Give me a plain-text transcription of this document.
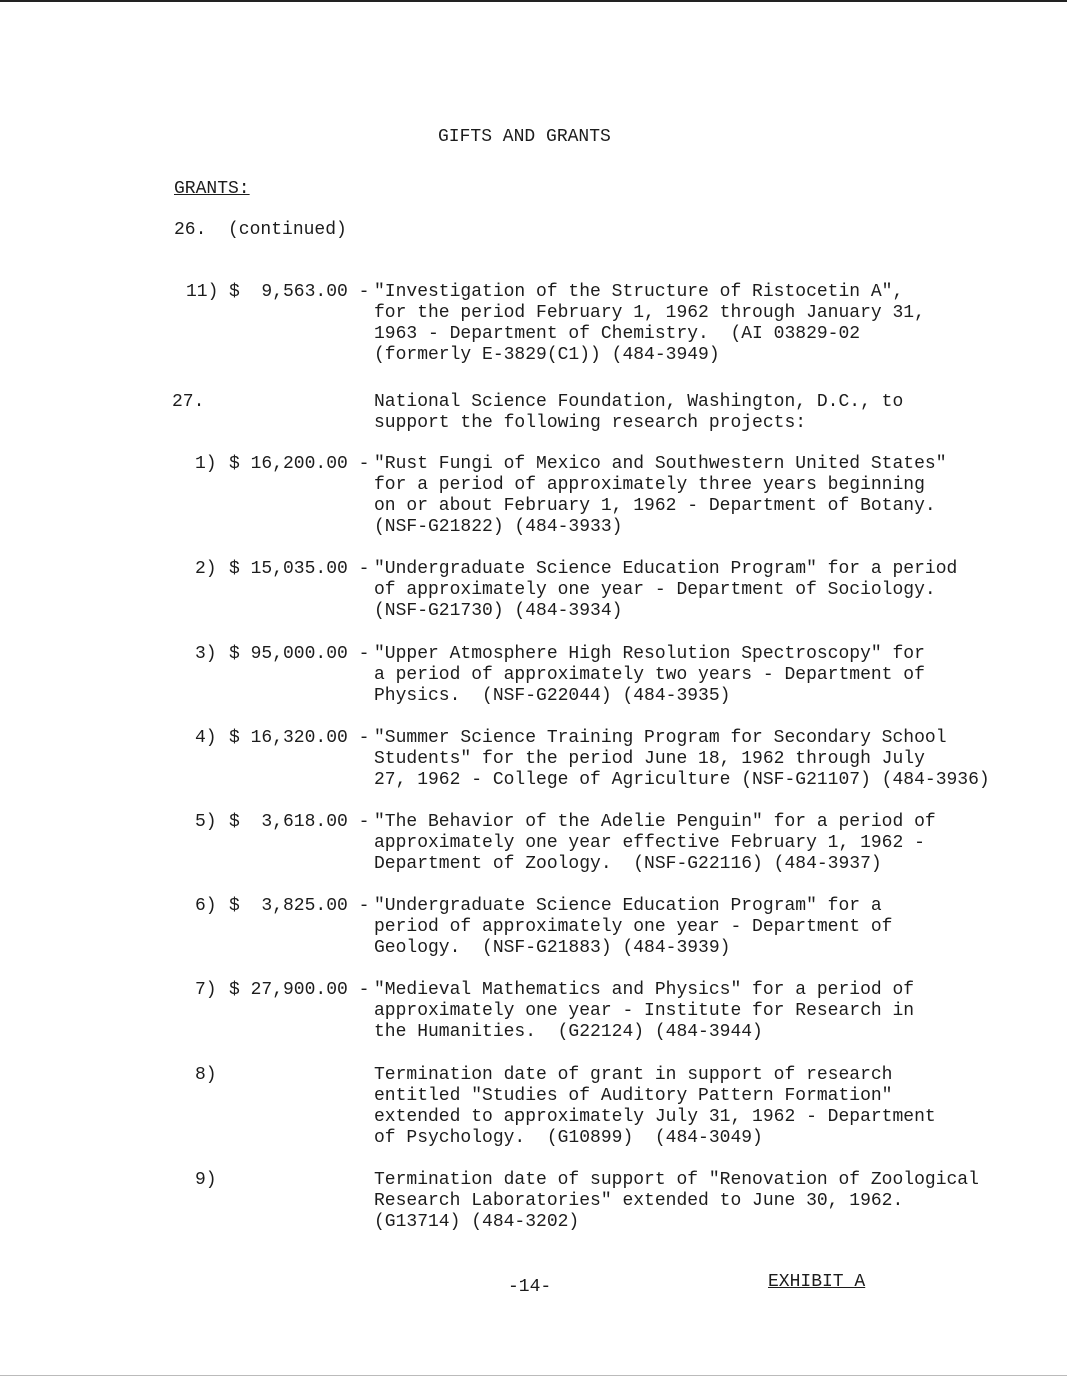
GIFTS AND GRANTS
GRANTS:
26.  (continued)
11) $  9,563.00 - "Investigation of the Structure of Ristocetin A",
for the period February 1, 1962 through January 31,
1963 - Department of Chemistry.  (AI 03829-02
(formerly E-3829(C1)) (484-3949)
27.	National Science Foundation, Washington, D.C., to
support the following research projects:
1) $ 16,200.00 - "Rust Fungi of Mexico and Southwestern United States"
for a period of approximately three years beginning
on or about February 1, 1962 - Department of Botany.
(NSF-G21822) (484-3933)
2) $ 15,035.00 - "Undergraduate Science Education Program" for a period
of approximately one year - Department of Sociology.
(NSF-G21730) (484-3934)
3) $ 95,000.00 - "Upper Atmosphere High Resolution Spectroscopy" for
a period of approximately two years - Department of
Physics.  (NSF-G22044) (484-3935)
4) $ 16,320.00 - "Summer Science Training Program for Secondary School
Students" for the period June 18, 1962 through July
27, 1962 - College of Agriculture (NSF-G21107) (484-3936)
5) $  3,618.00 - "The Behavior of the Adelie Penguin" for a period of
approximately one year effective February 1, 1962 -
Department of Zoology.  (NSF-G22116) (484-3937)
6) $  3,825.00 - "Undergraduate Science Education Program" for a
period of approximately one year - Department of
Geology.  (NSF-G21883) (484-3939)
7) $ 27,900.00 - "Medieval Mathematics and Physics" for a period of
approximately one year - Institute for Research in
the Humanities.  (G22124) (484-3944)
8)	Termination date of grant in support of research
entitled "Studies of Auditory Pattern Formation"
extended to approximately July 31, 1962 - Department
of Psychology.  (G10899)  (484-3049)
9)	Termination date of support of "Renovation of Zoological
Research Laboratories" extended to June 30, 1962.
(G13714) (484-3202)
-14-	EXHIBIT A
